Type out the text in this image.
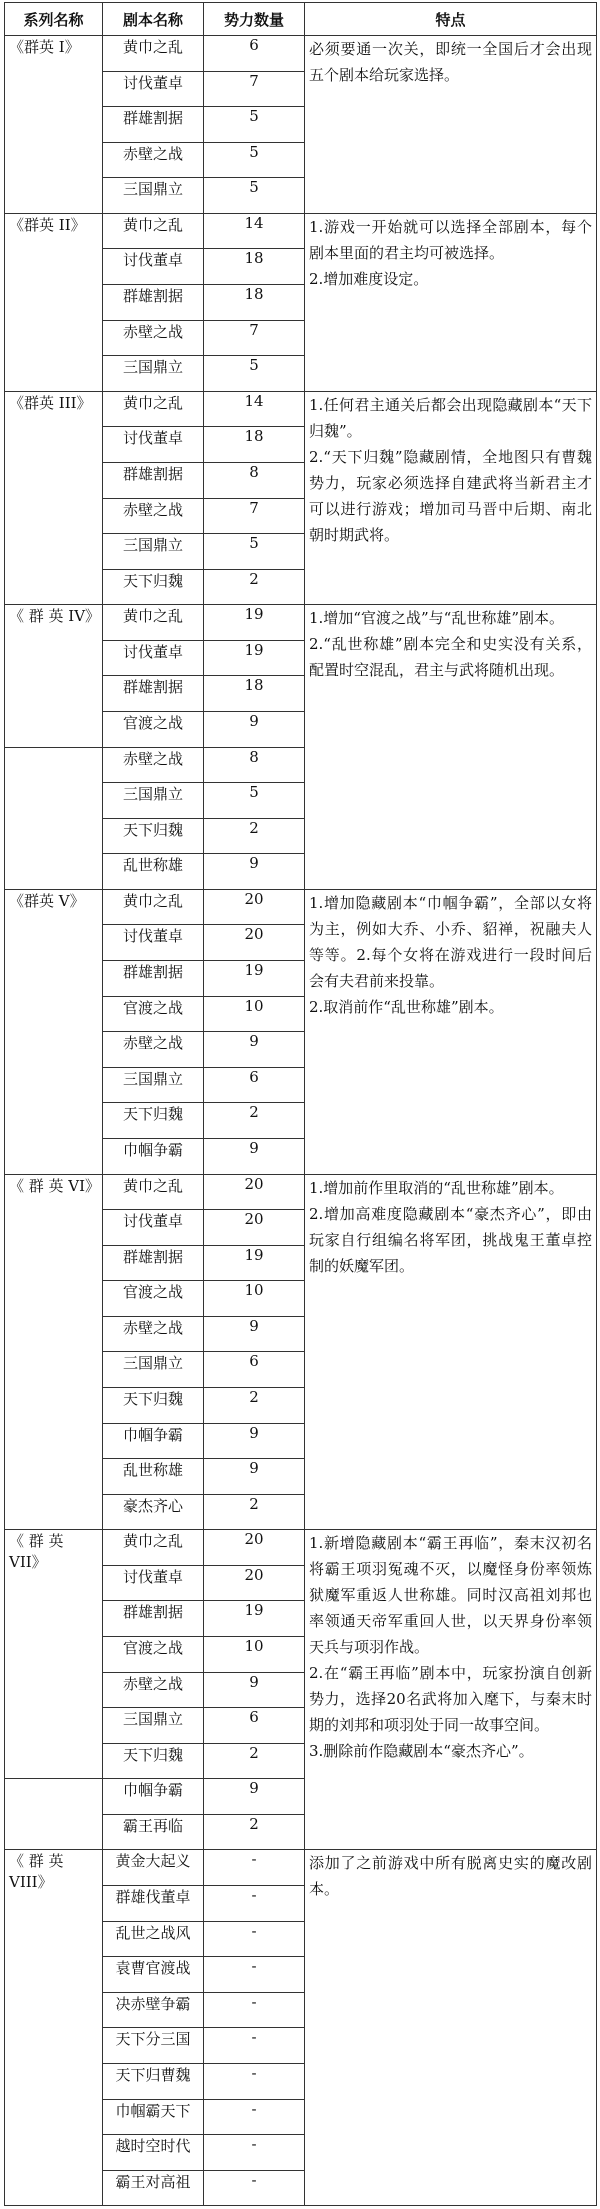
系列名称	剧本名称	势力数量	特点
《群英 I》	黄巾之乱	6	必须要通一次关，即统一全国后才会出现五个剧本给玩家选择。

	讨伐董卓	7	
	群雄割据	5	
	赤壁之战	5	
	三国鼎立	5	
《群英 II》	黄巾之乱	14	1.游戏一开始就可以选择全部剧本，每个剧本里面的君主均可被选择。

2.增加难度设定。

	讨伐董卓	18	
	群雄割据	18	
	赤壁之战	7	
	三国鼎立	5	
《群英 III》	黄巾之乱	14	1.任何君主通关后都会出现隐藏剧本“天下归魏”。

2.“天下归魏”隐藏剧情，全地图只有曹魏势力，玩家必须选择自建武将当新君主才可以进行游戏；增加司马晋中后期、南北朝时期武将。

	讨伐董卓	18	
	群雄割据	8	
	赤壁之战	7	
	三国鼎立	5	
	天下归魏	2	
《 群 英 IV》	黄巾之乱	19	1.增加“官渡之战”与“乱世称雄”剧本。

2.“乱世称雄”剧本完全和史实没有关系，配置时空混乱，君主与武将随机出现。

	讨伐董卓	19	
	群雄割据	18	
	官渡之战	9	
	赤壁之战	8	
	三国鼎立	5	
	天下归魏	2	
	乱世称雄	9	
《群英 V》	黄巾之乱	20	1.增加隐藏剧本“巾帼争霸”，全部以女将为主，例如大乔、小乔、貂禅，祝融夫人等等。2.每个女将在游戏进行一段时间后会有夫君前来投靠。

2.取消前作“乱世称雄”剧本。

	讨伐董卓	20	
	群雄割据	19	
	官渡之战	10	
	赤壁之战	9	
	三国鼎立	6	
	天下归魏	2	
	巾帼争霸	9	
《 群 英 VI》	黄巾之乱	20	1.增加前作里取消的“乱世称雄”剧本。

2.增加高难度隐藏剧本“豪杰齐心”，即由玩家自行组编名将军团，挑战鬼王董卓控制的妖魔军团。

	讨伐董卓	20	
	群雄割据	19	
	官渡之战	10	
	赤壁之战	9	
	三国鼎立	6	
	天下归魏	2	
	巾帼争霸	9	
	乱世称雄	9	
	豪杰齐心	2	
《 群 英 VII》	黄巾之乱	20	1.新增隐藏剧本“霸王再临”，秦末汉初名将霸王项羽冤魂不灭，以魔怪身份率领炼狱魔军重返人世称雄。同时汉高祖刘邦也率领通天帝军重回人世，以天界身份率领天兵与项羽作战。

2.在“霸王再临”剧本中，玩家扮演自创新势力，选择20名武将加入麾下，与秦末时期的刘邦和项羽处于同一故事空间。

3.删除前作隐藏剧本“豪杰齐心”。

	讨伐董卓	20	
	群雄割据	19	
	官渡之战	10	
	赤壁之战	9	
	三国鼎立	6	
	天下归魏	2	
	巾帼争霸	9	
	霸王再临	2	
《 群 英 VIII》	黄金大起义	-	添加了之前游戏中所有脱离史实的魔改剧本。

	群雄伐董卓	-	
	乱世之战风	-	
	袁曹官渡战	-	
	决赤壁争霸	-	
	天下分三国	-	
	天下归曹魏	-	
	巾帼霸天下	-	
	越时空时代	-	
	霸王对高祖	-	
